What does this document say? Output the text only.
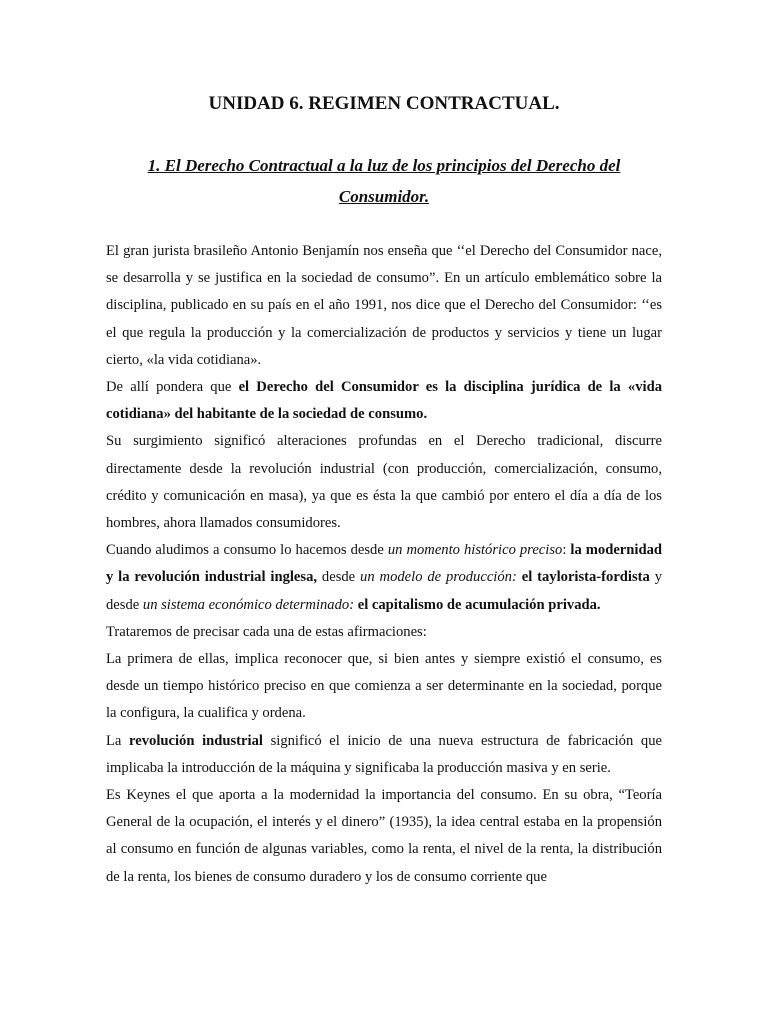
UNIDAD 6. REGIMEN CONTRACTUAL.
1. El Derecho Contractual a la luz de los principios del Derecho del Consumidor.

El gran jurista brasileño Antonio Benjamín nos enseña que ‘‘el Derecho del Consumidor nace, se desarrolla y se justifica en la sociedad de consumo”. En un artículo emblemático sobre la disciplina, publicado en su país en el año 1991, nos dice que el Derecho del Consumidor: ‘‘es el que regula la producción y la comercialización de productos y servicios y tiene un lugar cierto, «la vida cotidiana».

De allí pondera que el Derecho del Consumidor es la disciplina jurídica de la «vida cotidiana» del habitante de la sociedad de consumo.

Su surgimiento significó alteraciones profundas en el Derecho tradicional, discurre directamente desde la revolución industrial (con producción, comercialización, consumo, crédito y comunicación en masa), ya que es ésta la que cambió por entero el día a día de los hombres, ahora llamados consumidores.

Cuando aludimos a consumo lo hacemos desde un momento histórico preciso: la modernidad y la revolución industrial inglesa, desde un modelo de producción: el taylorista-fordista y desde un sistema económico determinado: el capitalismo de acumulación privada.

Trataremos de precisar cada una de estas afirmaciones:

La primera de ellas, implica reconocer que, si bien antes y siempre existió el consumo, es desde un tiempo histórico preciso en que comienza a ser determinante en la sociedad, porque la configura, la cualifica y ordena.

La revolución industrial significó el inicio de una nueva estructura de fabricación que implicaba la introducción de la máquina y significaba la producción masiva y en serie.

Es Keynes el que aporta a la modernidad la importancia del consumo. En su obra, “Teoría General de la ocupación, el interés y el dinero” (1935), la idea central estaba en la propensión al consumo en función de algunas variables, como la renta, el nivel de la renta, la distribución de la renta, los bienes de consumo duradero y los de consumo corriente que
